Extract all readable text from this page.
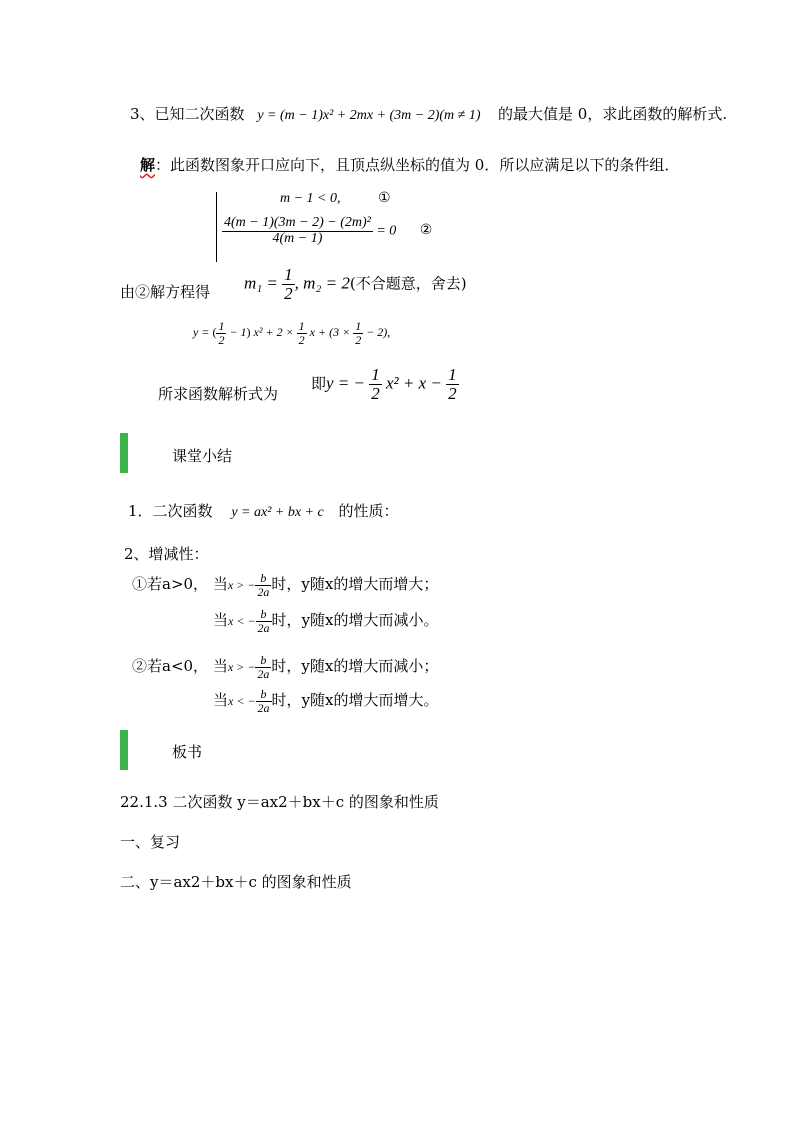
3、已知二次函数 y = (m − 1)x² + 2mx + (3m − 2)(m ≠ 1) 的最大值是 0，求此函数的解析式.
解：此函数图象开口应向下，且顶点纵坐标的值为 0．所以应满足以下的条件组．
m − 1 < 0,	①
$\frac{\text{4(m − 1)(3m − 2) − (2m)²}}{4(m - 1)} = 0$ ②
由②解方程得 $m_1 = \frac{1}{2}$ , m₂ = 2(不合题意，舍去)
y = ( $\frac{1}{2} - 1$) $x^2 + 2 \times \frac{1}{2}$ $x + (3 \times \frac{1}{2} - 2)$,
所求函数解析式为
即y = − $\frac{1}{2} x^2 + x - \frac{1}{2}$
课堂小结
1．二次函数 y = ax² + bx + c 的性质：
2、增减性：
①若a>0， 当x > − $\frac{b}{2a}$ 时，y随x的增大而增大；
当x < − $\frac{b}{2a}$ 时，y随x的增大而减小。
②若a<0， 当x > − $\frac{b}{2a}$ 时，y随x的增大而减小；
当x < − $\frac{b}{2a}$ 时，y随x的增大而增大。
板书
22.1.3 二次函数 y＝ax2＋bx＋c 的图象和性质
一、复习
二、y＝ax2＋bx＋c 的图象和性质
